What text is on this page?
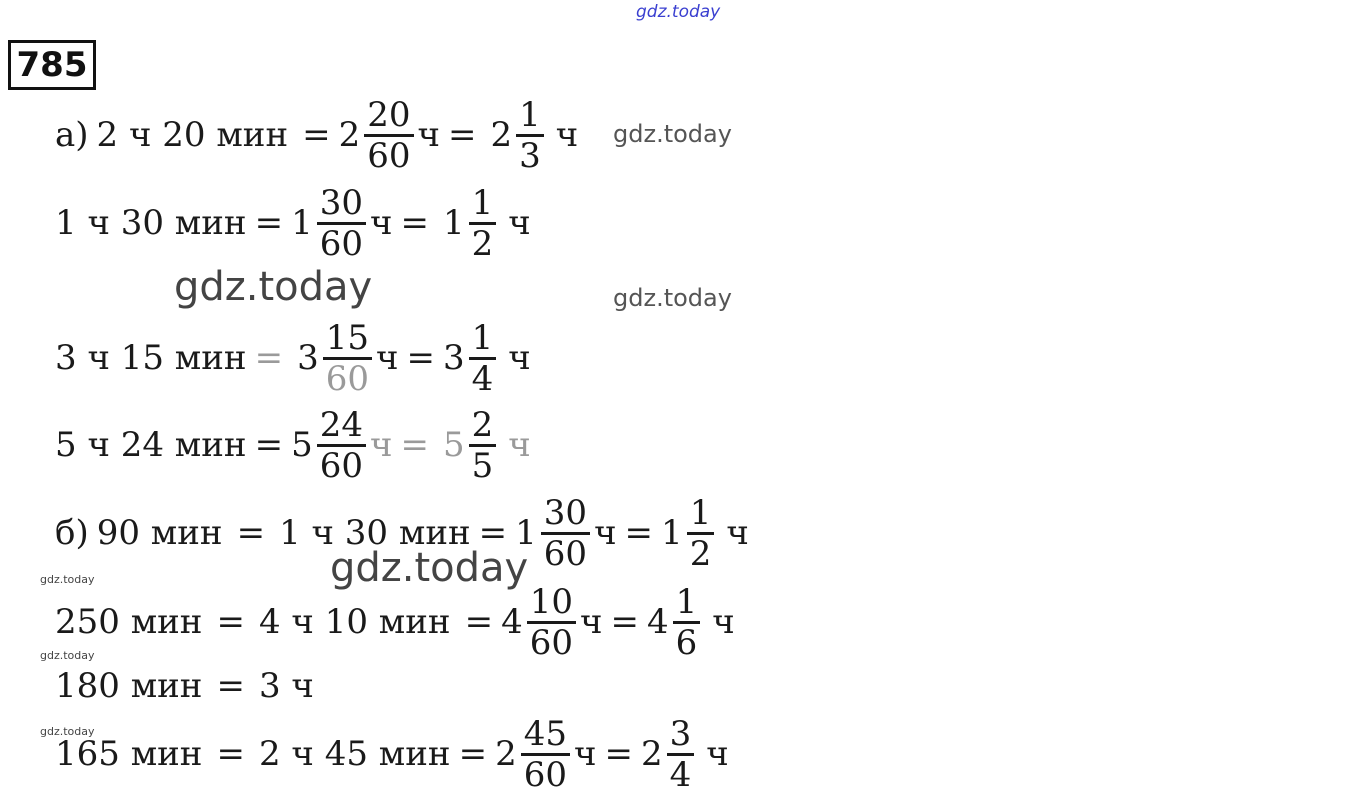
gdz.today
gdz.today
gdz.today
gdz.today
gdz.today
gdz.today
gdz.today
gdz.today
785
а) 2 ч 20 мин = $2 \frac{20}{60}$ $ч = 2 \frac{1}{3}$ ч
1 ч 30 мин = $1 \frac{30}{60}$ $ч = 1 \frac{1}{2}$ ч
3 ч 15 мин = $3 \frac{15}{60}$ $ч = 3 \frac{1}{4}$ ч
5 ч 24 мин = $5 \frac{24}{60}$ $ч = 5 \frac{2}{5}$ ч
б) 90 мин = 1 ч 30 мин = $1 \frac{30}{60}$ $ч = 1 \frac{1}{2}$ ч
250 мин = 4 ч 10 мин = $4 \frac{10}{60}$ $ч = 4 \frac{1}{6}$ ч
180 мин = 3 ч
165 мин = 2 ч 45 мин = $2 \frac{45}{60}$ $ч = 2 \frac{3}{4}$ ч
